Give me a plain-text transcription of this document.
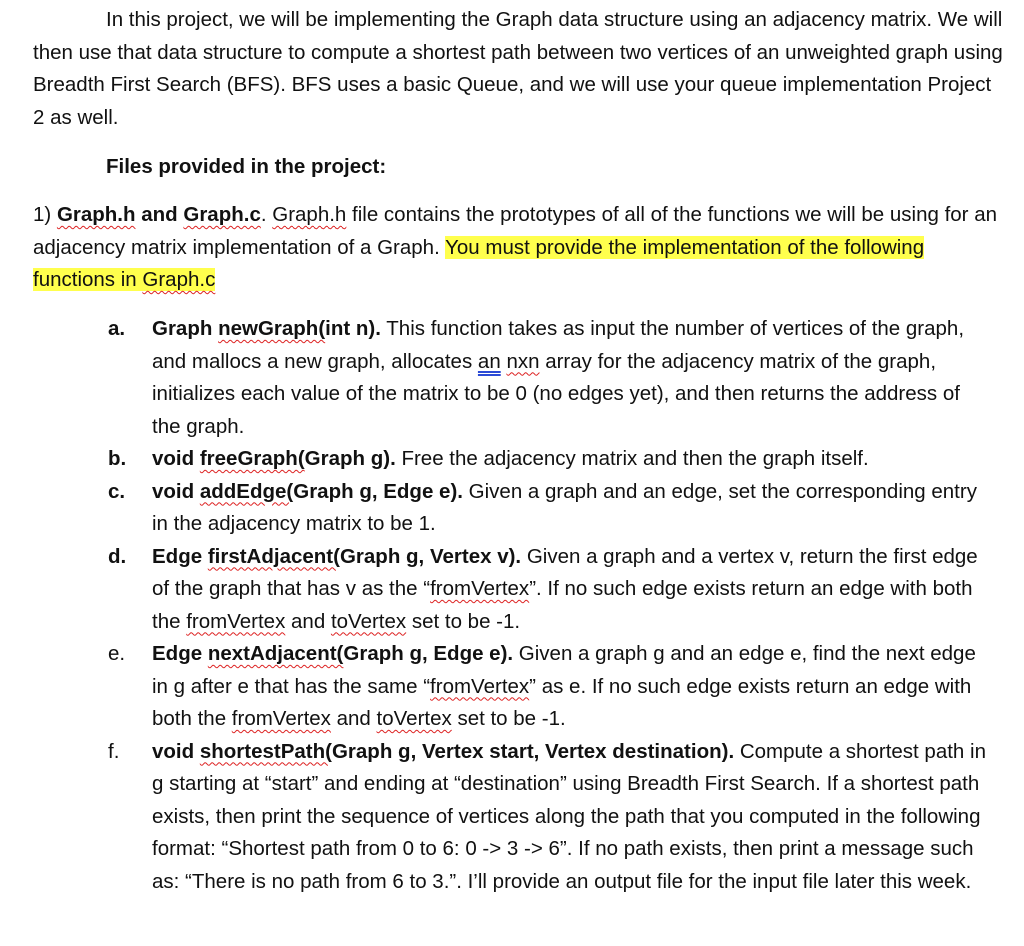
In this project, we will be implementing the Graph data structure using an adjacency matrix. We will then use that data structure to compute a shortest path between two vertices of an unweighted graph using Breadth First Search (BFS). BFS uses a basic Queue, and we will use your queue implementation Project 2 as well.

Files provided in the project:

1) Graph.h and Graph.c. Graph.h file contains the prototypes of all of the functions we will be using for an adjacency matrix implementation of a Graph. You must provide the implementation of the following functions in Graph.c

a.	Graph newGraph(int n). This function takes as input the number of vertices of the graph, and mallocs a new graph, allocates an nxn array for the adjacency matrix of the graph, initializes each value of the matrix to be 0 (no edges yet), and then returns the address of the graph.
b.	void freeGraph(Graph g). Free the adjacency matrix and then the graph itself.
c.	void addEdge(Graph g, Edge e). Given a graph and an edge, set the corresponding entry in the adjacency matrix to be 1.
d.	Edge firstAdjacent(Graph g, Vertex v). Given a graph and a vertex v, return the first edge of the graph that has v as the “fromVertex”. If no such edge exists return an edge with both the fromVertex and toVertex set to be -1.
e.	Edge nextAdjacent(Graph g, Edge e). Given a graph g and an edge e, find the next edge in g after e that has the same “fromVertex” as e. If no such edge exists return an edge with both the fromVertex and toVertex set to be -1.
f.	void shortestPath(Graph g, Vertex start, Vertex destination). Compute a shortest path in g starting at “start” and ending at “destination” using Breadth First Search. If a shortest path exists, then print the sequence of vertices along the path that you computed in the following format: “Shortest path from 0 to 6: 0 -> 3 -> 6”. If no path exists, then print a message such as: “There is no path from 6 to 3.”. I’ll provide an output file for the input file later this week.
